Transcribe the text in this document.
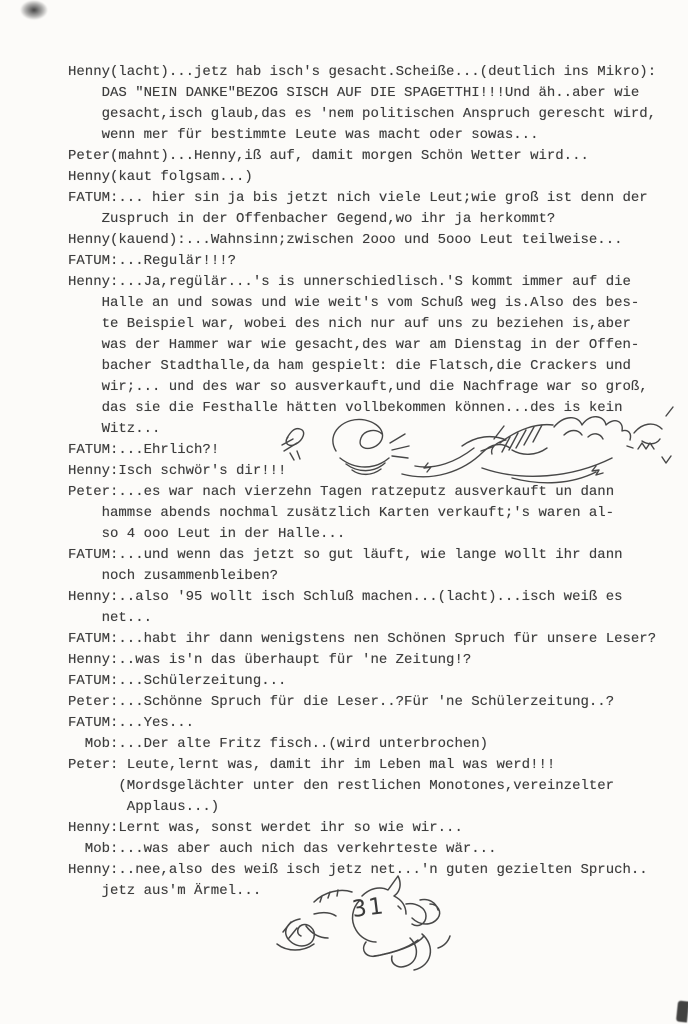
Henny(lacht)...jetz hab isch's gesacht.Scheiße...(deutlich ins Mikro):
DAS "NEIN DANKE"BEZOG SISCH AUF DIE SPAGETTHI!!!Und äh..aber wie
gesacht,isch glaub,das es 'nem politischen Anspruch gerescht wird,
wenn mer für bestimmte Leute was macht oder sowas...
Peter(mahnt)...Henny,iß auf, damit morgen Schön Wetter wird...
Henny(kaut folgsam...)
FATUM:... hier sin ja bis jetzt nich viele Leut;wie groß ist denn der
Zuspruch in der Offenbacher Gegend,wo ihr ja herkommt?
Henny(kauend):...Wahnsinn;zwischen 2ooo und 5ooo Leut teilweise...
FATUM:...Regulär!!!?
Henny:...Ja,regülär...'s is unnerschiedlisch.'S kommt immer auf die
Halle an und sowas und wie weit's vom Schuß weg is.Also des bes-
te Beispiel war, wobei des nich nur auf uns zu beziehen is,aber
was der Hammer war wie gesacht,des war am Dienstag in der Offen-
bacher Stadthalle,da ham gespielt: die Flatsch,die Crackers und
wir;... und des war so ausverkauft,und die Nachfrage war so groß,
das sie die Festhalle hätten vollbekommen können...des is kein
Witz...
FATUM:...Ehrlich?!
Henny:Isch schwör's dir!!!
Peter:...es war nach vierzehn Tagen ratzeputz ausverkauft un dann
hammse abends nochmal zusätzlich Karten verkauft;'s waren al-
so 4 ooo Leut in der Halle...
FATUM:...und wenn das jetzt so gut läuft, wie lange wollt ihr dann
noch zusammenbleiben?
Henny:..also '95 wollt isch Schluß machen...(lacht)...isch weiß es
net...
FATUM:...habt ihr dann wenigstens nen Schönen Spruch für unsere Leser?
Henny:..was is'n das überhaupt für 'ne Zeitung!?
FATUM:...Schülerzeitung...
Peter:...Schönne Spruch für die Leser..?Für 'ne Schülerzeitung..?
FATUM:...Yes...
Mob:...Der alte Fritz fisch..(wird unterbrochen)
Peter: Leute,lernt was, damit ihr im Leben mal was werd!!!
(Mordsgelächter unter den restlichen Monotones,vereinzelter
Applaus...)
Henny:Lernt was, sonst werdet ihr so wie wir...
Mob:...was aber auch nich das verkehrteste wär...
Henny:..nee,also des weiß isch jetz net...'n guten gezielten Spruch..
jetz aus'm Ärmel...
31
